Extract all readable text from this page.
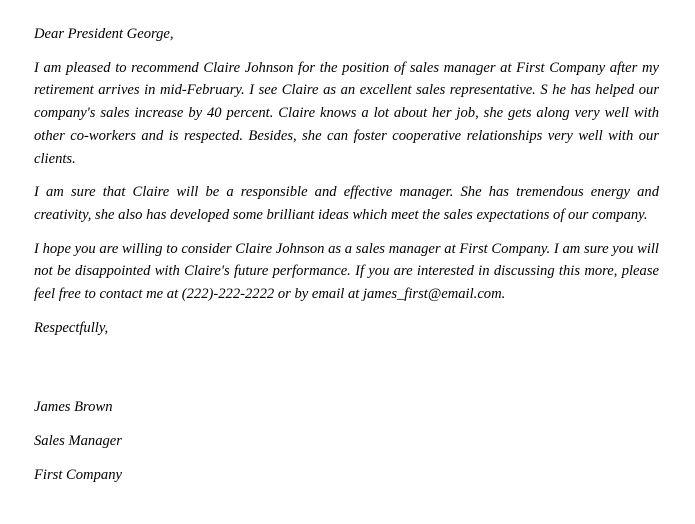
Dear President George,

I am pleased to recommend Claire Johnson for the position of sales manager at First Company after my retirement arrives in mid-February. I see Claire as an excellent sales representative. S he has helped our company's sales increase by 40 percent. Claire knows a lot about her job, she gets along very well with other co-workers and is respected. Besides, she can foster cooperative relationships very well with our clients.

I am sure that Claire will be a responsible and effective manager. She has tremendous energy and creativity, she also has developed some brilliant ideas which meet the sales expectations of our company.

I hope you are willing to consider Claire Johnson as a sales manager at First Company. I am sure you will not be disappointed with Claire's future performance. If you are interested in discussing this more, please feel free to contact me at (222)-222-2222 or by email at james_first@email.com.

Respectfully,

James Brown

Sales Manager

First Company
